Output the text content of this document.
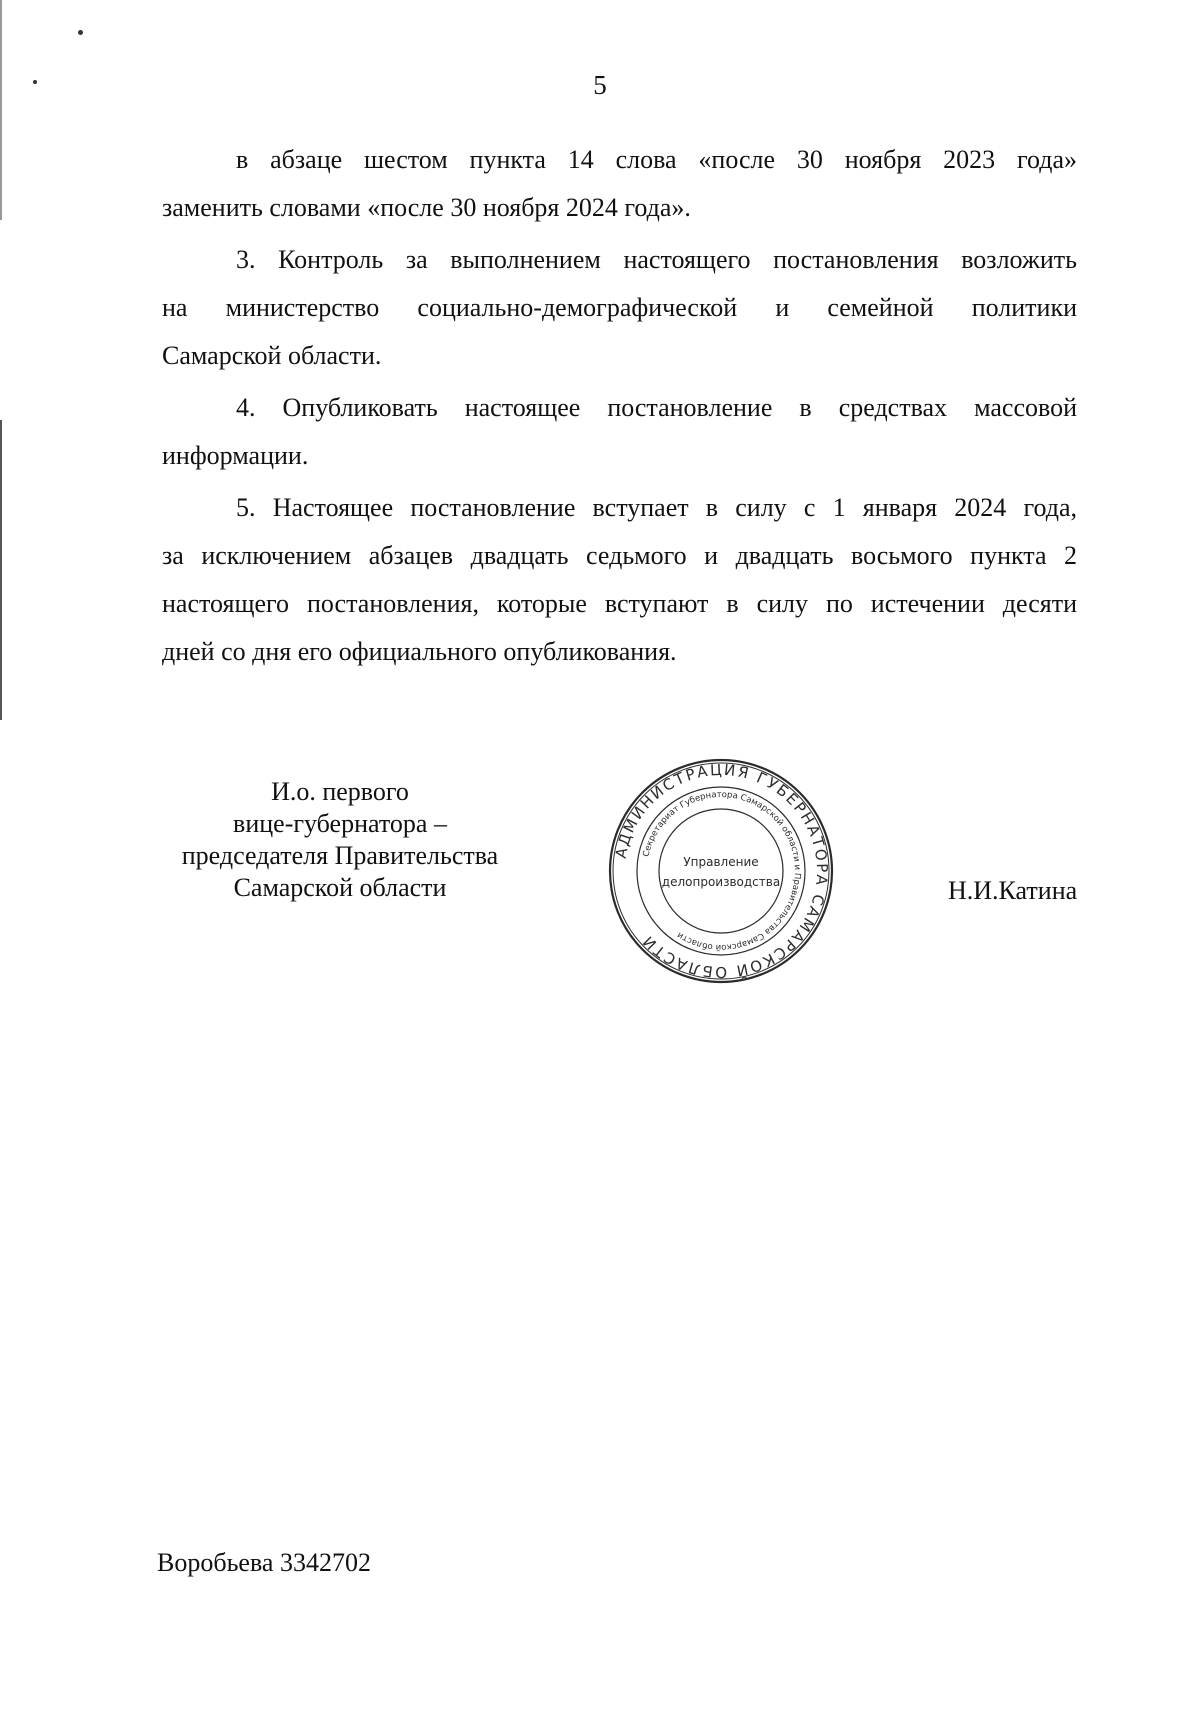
5
в абзаце шестом пункта 14 слова «после 30 ноября 2023 года»
заменить словами «после 30 ноября 2024 года».
3. Контроль за выполнением настоящего постановления возложить
на министерство социально-демографической и семейной политики
Самарской области.
4. Опубликовать настоящее постановление в средствах массовой
информации.
5. Настоящее постановление вступает в силу с 1 января 2024 года,
за исключением абзацев двадцать седьмого и двадцать восьмого пункта 2
настоящего постановления, которые вступают в силу по истечении десяти
дней со дня его официального опубликования.
И.о. первого
вице-губернатора –
председателя Правительства
Самарской области
АДМИНИСТРАЦИЯ ГУБЕРНАТОРА САМАРСКОЙ ОБЛАСТИ
Секретариат Губернатора Самарской области и Правительства Самарской области
Управление
делопроизводства	Н.И.Катина
Воробьева 3342702
